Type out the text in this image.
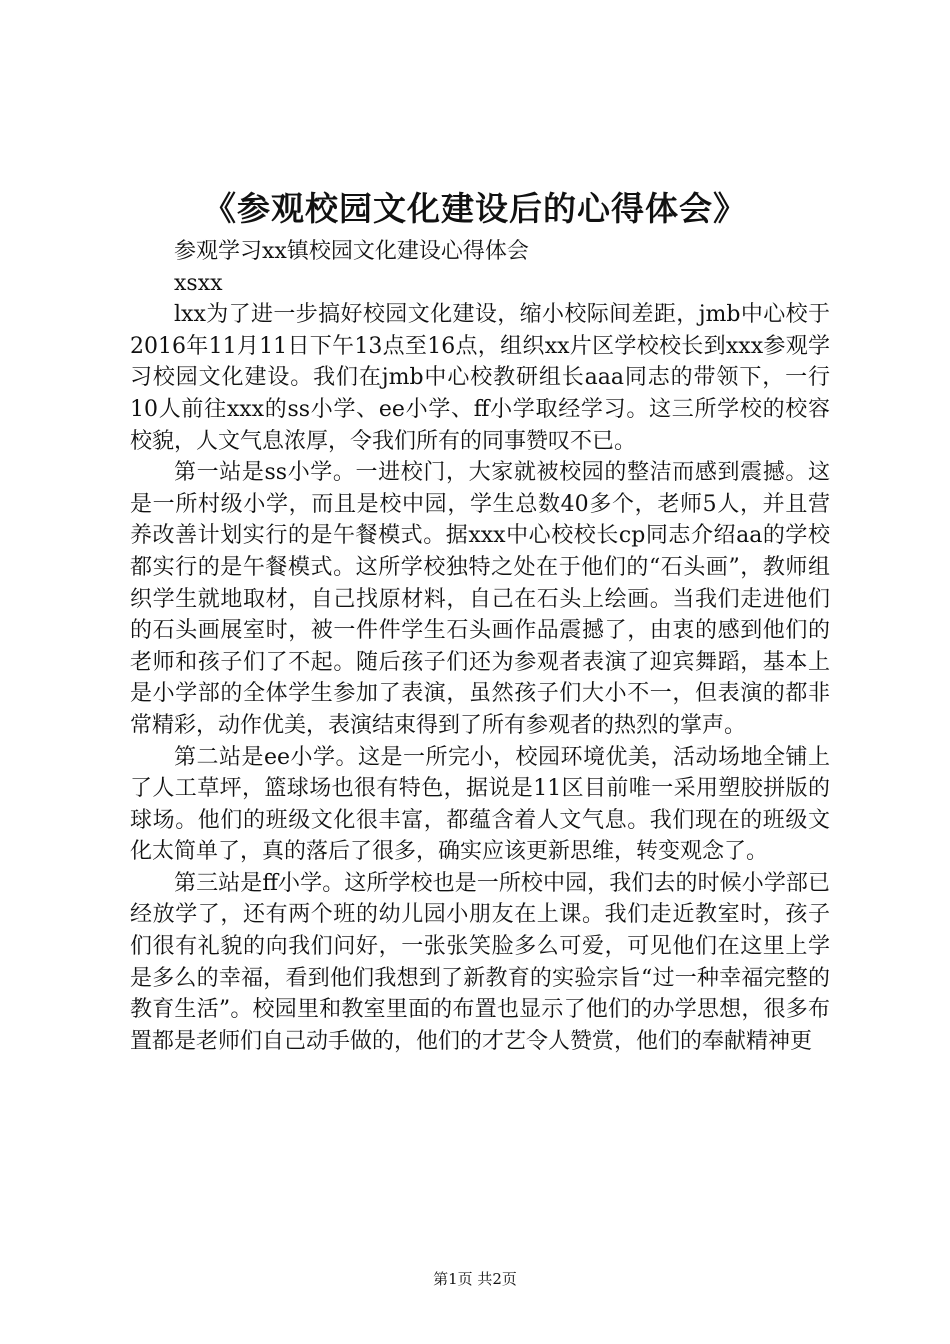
《参观校园文化建设后的心得体会》

参观学习xx镇校园文化建设心得体会

xsxx

lxx为了进一步搞好校园文化建设，缩小校际间差距，jmb中心校于2016年11月11日下午13点至16点，组织xx片区学校校长到xxx参观学习校园文化建设。我们在jmb中心校教研组长aaa同志的带领下，一行10人前往xxx的ss小学、ee小学、ff小学取经学习。这三所学校的校容校貌，人文气息浓厚，令我们所有的同事赞叹不已。

第一站是ss小学。一进校门，大家就被校园的整洁而感到震撼。这是一所村级小学，而且是校中园，学生总数40多个，老师5人，并且营养改善计划实行的是午餐模式。据xxx中心校校长cp同志介绍aa的学校都实行的是午餐模式。这所学校独特之处在于他们的“石头画”，教师组织学生就地取材，自己找原材料，自己在石头上绘画。当我们走进他们的石头画展室时，被一件件学生石头画作品震撼了，由衷的感到他们的老师和孩子们了不起。随后孩子们还为参观者表演了迎宾舞蹈，基本上是小学部的全体学生参加了表演，虽然孩子们大小不一，但表演的都非常精彩，动作优美，表演结束得到了所有参观者的热烈的掌声。

第二站是ee小学。这是一所完小，校园环境优美，活动场地全铺上了人工草坪，篮球场也很有特色，据说是11区目前唯一采用塑胶拼版的球场。他们的班级文化很丰富，都蕴含着人文气息。我们现在的班级文化太简单了，真的落后了很多，确实应该更新思维，转变观念了。

第三站是ff小学。这所学校也是一所校中园，我们去的时候小学部已经放学了，还有两个班的幼儿园小朋友在上课。我们走近教室时，孩子们很有礼貌的向我们问好，一张张笑脸多么可爱，可见他们在这里上学是多么的幸福，看到他们我想到了新教育的实验宗旨“过一种幸福完整的教育生活”。校园里和教室里面的布置也显示了他们的办学思想，很多布置都是老师们自己动手做的，他们的才艺令人赞赏，他们的奉献精神更

第1页 共2页
